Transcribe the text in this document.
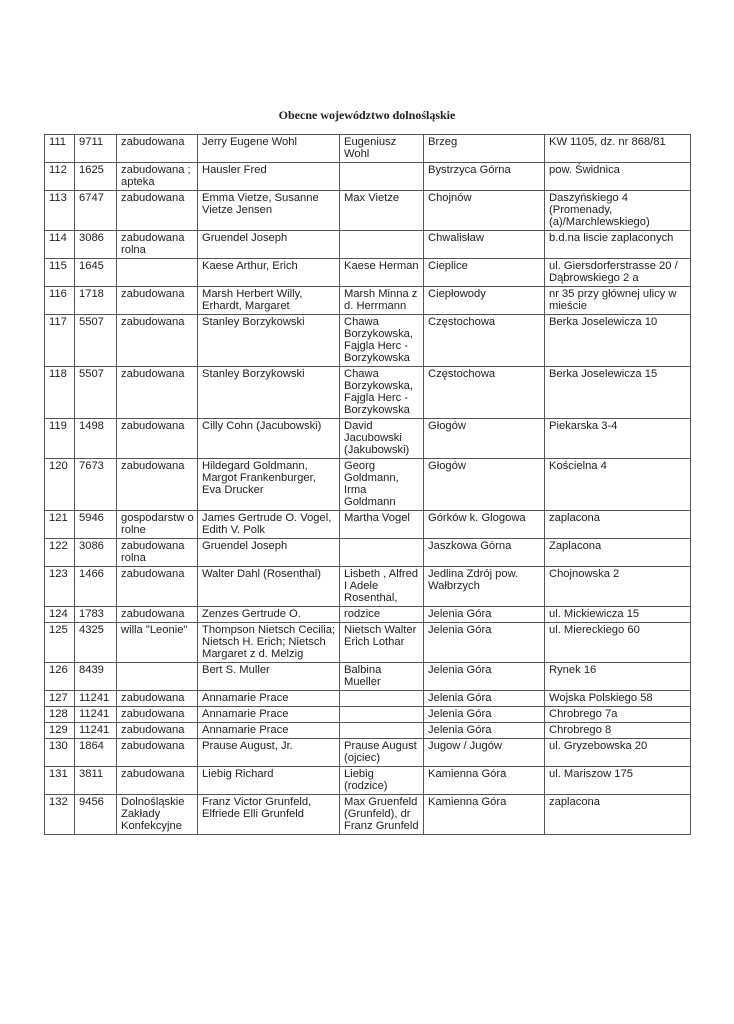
Obecne województwo dolnośląskie
111	9711	zabudowana	Jerry Eugene Wohl	Eugeniusz Wohl	Brzeg	KW 1105, dz. nr 868/81
112	1625	zabudowana ; apteka	Hausler Fred		Bystrzyca Górna	pow. Świdnica
113	6747	zabudowana	Emma Vietze, Susanne Vietze Jensen	Max Vietze	Chojnów	Daszyńskiego 4 (Promenady, (a)/Marchlewskiego)
114	3086	zabudowana rolna	Gruendel Joseph		Chwalisław	b.d.na liscie zaplaconych
115	1645		Kaese Arthur, Erich	Kaese Herman	Cieplice	ul. Giersdorferstrasse 20 / Dąbrowskiego 2 a
116	1718	zabudowana	Marsh Herbert Willy, Erhardt, Margaret	Marsh Minna z d. Herrmann	Ciepłowody	nr 35 przy głównej ulicy w mieście
117	5507	zabudowana	Stanley Borzykowski	Chawa Borzykowska, Fajgla Herc - Borzykowska	Częstochowa	Berka Joselewicza 10
118	5507	zabudowana	Stanley Borzykowski	Chawa Borzykowska, Fajgla Herc - Borzykowska	Częstochowa	Berka Joselewicza 15
119	1498	zabudowana	Cilly Cohn (Jacubowski)	David Jacubowski (Jakubowski)	Głogów	Piekarska 3-4
120	7673	zabudowana	Hildegard Goldmann, Margot Frankenburger, Eva Drucker	Georg Goldmann, Irma Goldmann	Głogów	Kościelna 4
121	5946	gospodarstw o rolne	James Gertrude O. Vogel, Edith V. Polk	Martha Vogel	Górków k. Glogowa	zaplacona
122	3086	zabudowana rolna	Gruendel Joseph		Jaszkowa Górna	Zaplacona
123	1466	zabudowana	Walter Dahl (Rosenthal)	Lisbeth , Alfred I Adele Rosenthal,	Jedlina Zdrój pow. Wałbrzych	Chojnowska 2
124	1783	zabudowana	Zenzes Gertrude O.	rodzice	Jelenia Góra	ul. Mickiewicza 15
125	4325	willa "Leonie"	Thompson Nietsch Cecilia; Nietsch H. Erich; Nietsch Margaret z d. Melzig	Nietsch Walter Erich Lothar	Jelenia Góra	ul. Miereckiego 60
126	8439		Bert S. Muller	Balbina Mueller	Jelenia Góra	Rynek 16
127	11241	zabudowana	Annamarie Prace		Jelenia Góra	Wojska Polskiego 58
128	11241	zabudowana	Annamarie Prace		Jelenia Góra	Chrobrego 7a
129	11241	zabudowana	Annamarie Prace		Jelenia Góra	Chrobrego 8
130	1864	zabudowana	Prause August, Jr.	Prause August (ojciec)	Jugow / Jugów	ul. Gryzebowska 20
131	3811	zabudowana	Liebig Richard	Liebig (rodzice)	Kamienna Góra	ul. Mariszow 175
132	9456	Dolnośląskie Zakłady Konfekcyjne	Franz Victor Grunfeld, Elfriede Elli Grunfeld	Max Gruenfeld (Grunfeld), dr Franz Grunfeld	Kamienna Góra	zaplacona
